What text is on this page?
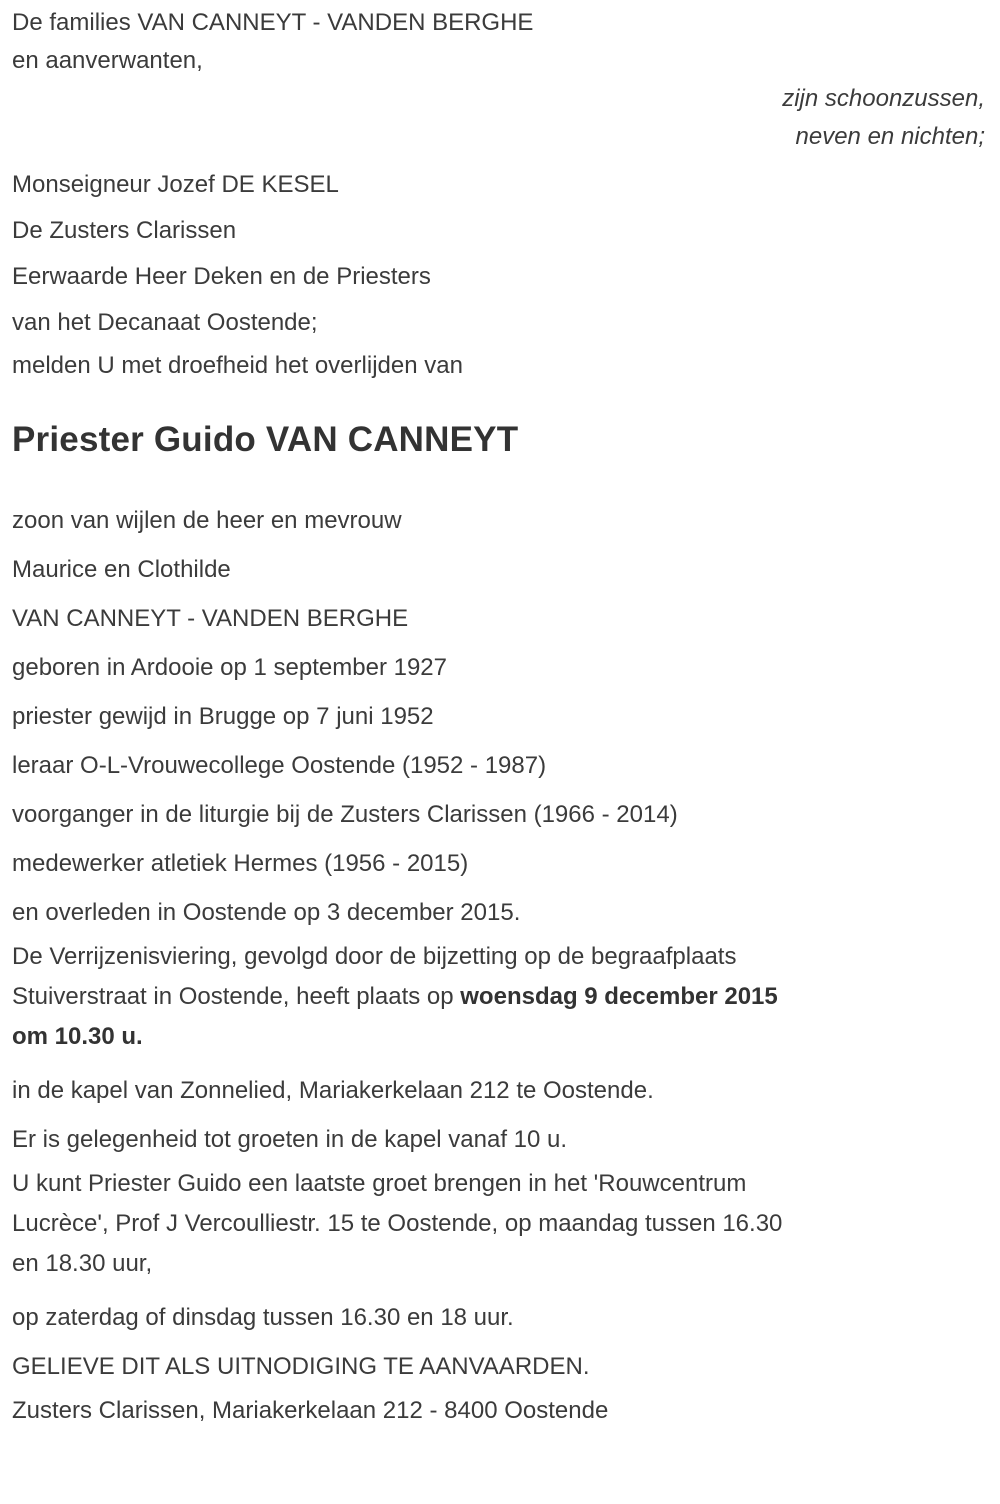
De families VAN CANNEYT - VANDEN BERGHE

en aanverwanten,

zijn schoonzussen,

neven en nichten;

Monseigneur Jozef DE KESEL

De Zusters Clarissen

Eerwaarde Heer Deken en de Priesters

van het Decanaat Oostende;

melden U met droefheid het overlijden van

Priester Guido VAN CANNEYT

zoon van wijlen de heer en mevrouw

Maurice en Clothilde

VAN CANNEYT - VANDEN BERGHE

geboren in Ardooie op 1 september 1927

priester gewijd in Brugge op 7 juni 1952

leraar O-L-Vrouwecollege Oostende (1952 - 1987)

voorganger in de liturgie bij de Zusters Clarissen (1966 - 2014)

medewerker atletiek Hermes (1956 - 2015)

en overleden in Oostende op 3 december 2015.

De Verrijzenisviering, gevolgd door de bijzetting op de begraafplaats

Stuiverstraat in Oostende, heeft plaats op woensdag 9 december 2015

om 10.30 u.

in de kapel van Zonnelied, Mariakerkelaan 212 te Oostende.

Er is gelegenheid tot groeten in de kapel vanaf 10 u.

U kunt Priester Guido een laatste groet brengen in het 'Rouwcentrum

Lucrèce', Prof J Vercoulliestr. 15 te Oostende, op maandag tussen 16.30

en 18.30 uur,

op zaterdag of dinsdag tussen 16.30 en 18 uur.

GELIEVE DIT ALS UITNODIGING TE AANVAARDEN.

Zusters Clarissen, Mariakerkelaan 212 - 8400 Oostende
